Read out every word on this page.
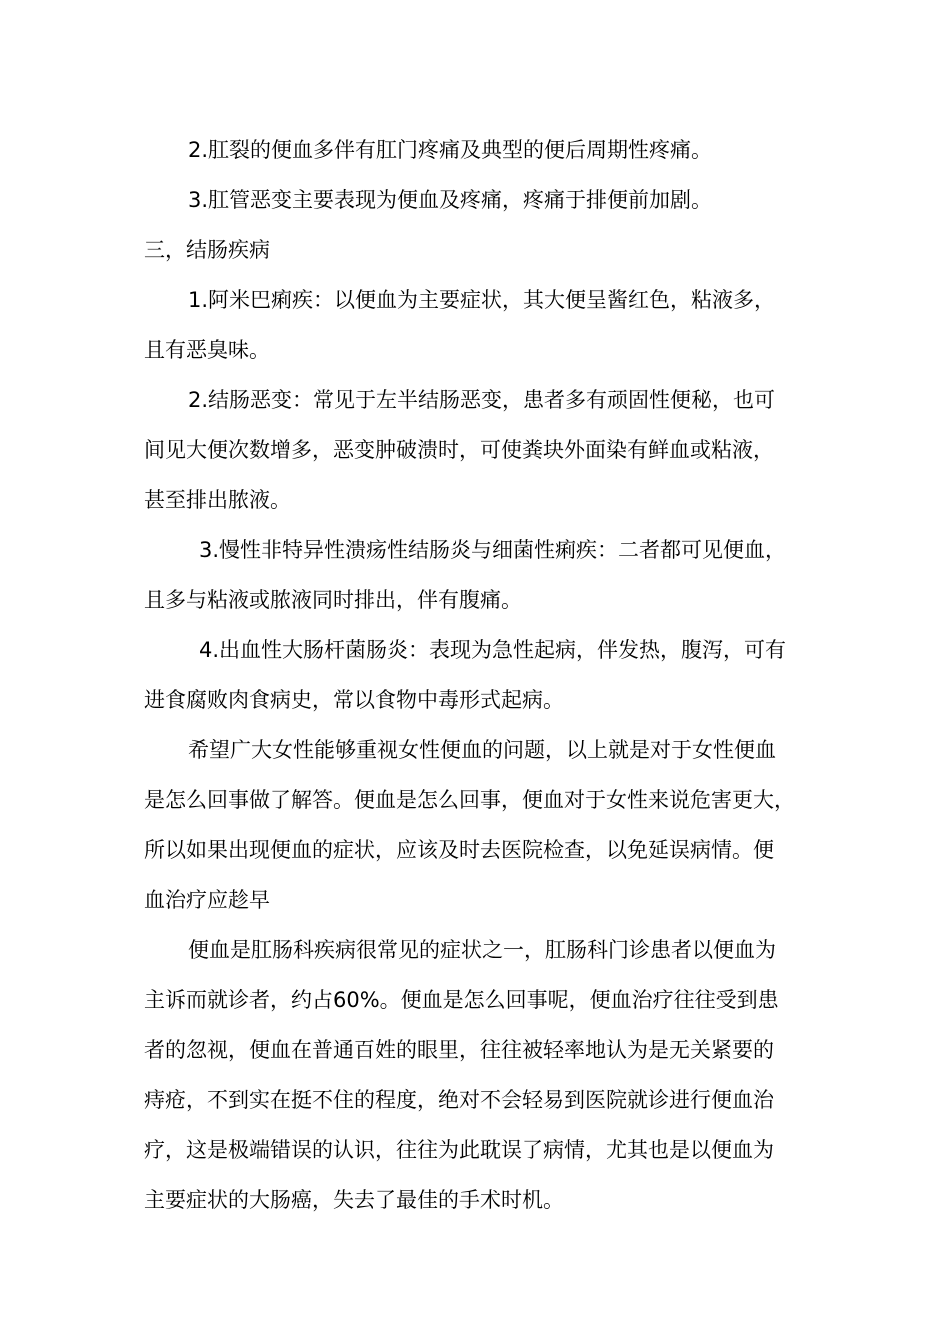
2.肛裂的便血多伴有肛门疼痛及典型的便后周期性疼痛。
3.肛管恶变主要表现为便血及疼痛，疼痛于排便前加剧。
三，结肠疾病
1.阿米巴痢疾：以便血为主要症状，其大便呈酱红色，粘液多，
且有恶臭味。
2.结肠恶变：常见于左半结肠恶变，患者多有顽固性便秘，也可
间见大便次数增多，恶变肿破溃时，可使粪块外面染有鲜血或粘液，
甚至排出脓液。
3.慢性非特异性溃疡性结肠炎与细菌性痢疾：二者都可见便血，
且多与粘液或脓液同时排出，伴有腹痛。
4.出血性大肠杆菌肠炎：表现为急性起病，伴发热，腹泻，可有
进食腐败肉食病史，常以食物中毒形式起病。
希望广大女性能够重视女性便血的问题，以上就是对于女性便血
是怎么回事做了解答。便血是怎么回事，便血对于女性来说危害更大，
所以如果出现便血的症状，应该及时去医院检查，以免延误病情。便
血治疗应趁早
便血是肛肠科疾病很常见的症状之一，肛肠科门诊患者以便血为
主诉而就诊者，约占60%。便血是怎么回事呢，便血治疗往往受到患
者的忽视，便血在普通百姓的眼里，往往被轻率地认为是无关紧要的
痔疮，不到实在挺不住的程度，绝对不会轻易到医院就诊进行便血治
疗，这是极端错误的认识，往往为此耽误了病情，尤其也是以便血为
主要症状的大肠癌，失去了最佳的手术时机。
